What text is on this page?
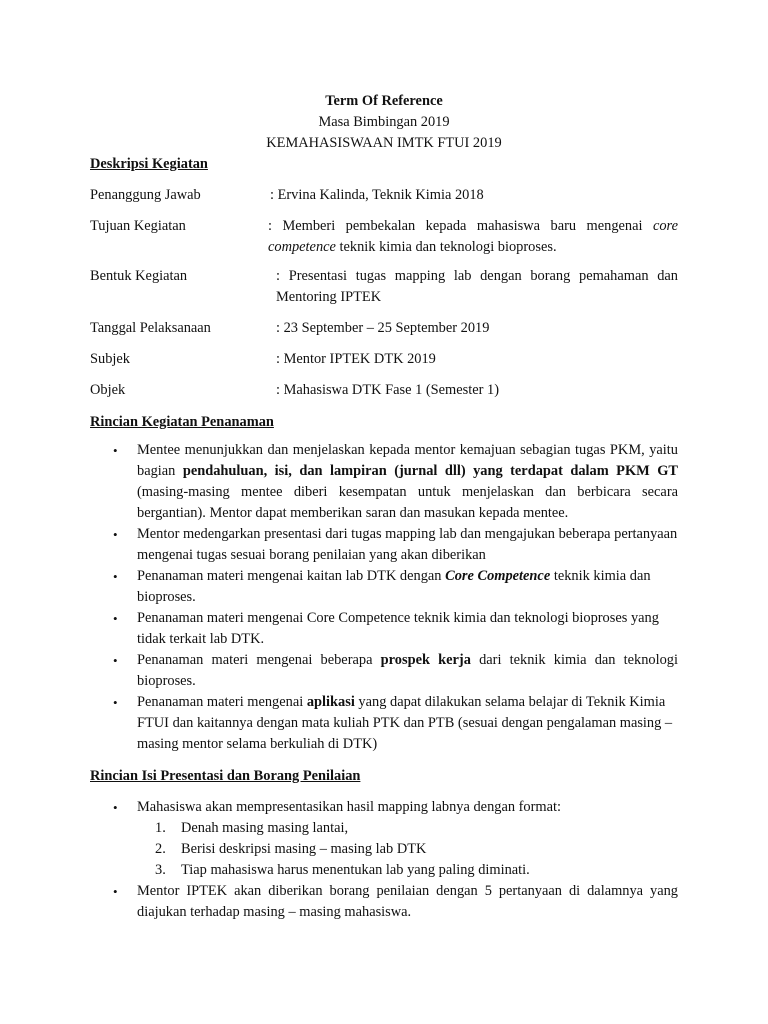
Term Of Reference
Masa Bimbingan 2019
KEMAHASISWAAN IMTK FTUI 2019
Deskripsi Kegiatan
Penanggung Jawab	: Ervina Kalinda, Teknik Kimia 2018
Tujuan Kegiatan	: Memberi pembekalan kepada mahasiswa baru mengenai core competence teknik kimia dan teknologi bioproses.
Bentuk Kegiatan	: Presentasi tugas mapping lab dengan borang pemahaman dan Mentoring IPTEK
Tanggal Pelaksanaan	: 23 September – 25 September 2019
Subjek	: Mentor IPTEK DTK 2019
Objek	: Mahasiswa DTK Fase 1 (Semester 1)
Rincian Kegiatan Penanaman
• Mentee menunjukkan dan menjelaskan kepada mentor kemajuan sebagian tugas PKM, yaitu bagian pendahuluan, isi, dan lampiran (jurnal dll) yang terdapat dalam PKM GT (masing-masing mentee diberi kesempatan untuk menjelaskan dan berbicara secara bergantian). Mentor dapat memberikan saran dan masukan kepada mentee.
• Mentor medengarkan presentasi dari tugas mapping lab dan mengajukan beberapa pertanyaan mengenai tugas sesuai borang penilaian yang akan diberikan
• Penanaman materi mengenai kaitan lab DTK dengan Core Competence teknik kimia dan bioproses.
• Penanaman materi mengenai Core Competence teknik kimia dan teknologi bioproses yang tidak terkait lab DTK.
• Penanaman materi mengenai beberapa prospek kerja dari teknik kimia dan teknologi bioproses.
• Penanaman materi mengenai aplikasi yang dapat dilakukan selama belajar di Teknik Kimia FTUI dan kaitannya dengan mata kuliah PTK dan PTB (sesuai dengan pengalaman masing – masing mentor selama berkuliah di DTK)
Rincian Isi Presentasi dan Borang Penilaian
• Mahasiswa akan mempresentasikan hasil mapping labnya dengan format:
1. Denah masing masing lantai,
2. Berisi deskripsi masing – masing lab DTK
3. Tiap mahasiswa harus menentukan lab yang paling diminati.
• Mentor IPTEK akan diberikan borang penilaian dengan 5 pertanyaan di dalamnya yang diajukan terhadap masing – masing mahasiswa.
